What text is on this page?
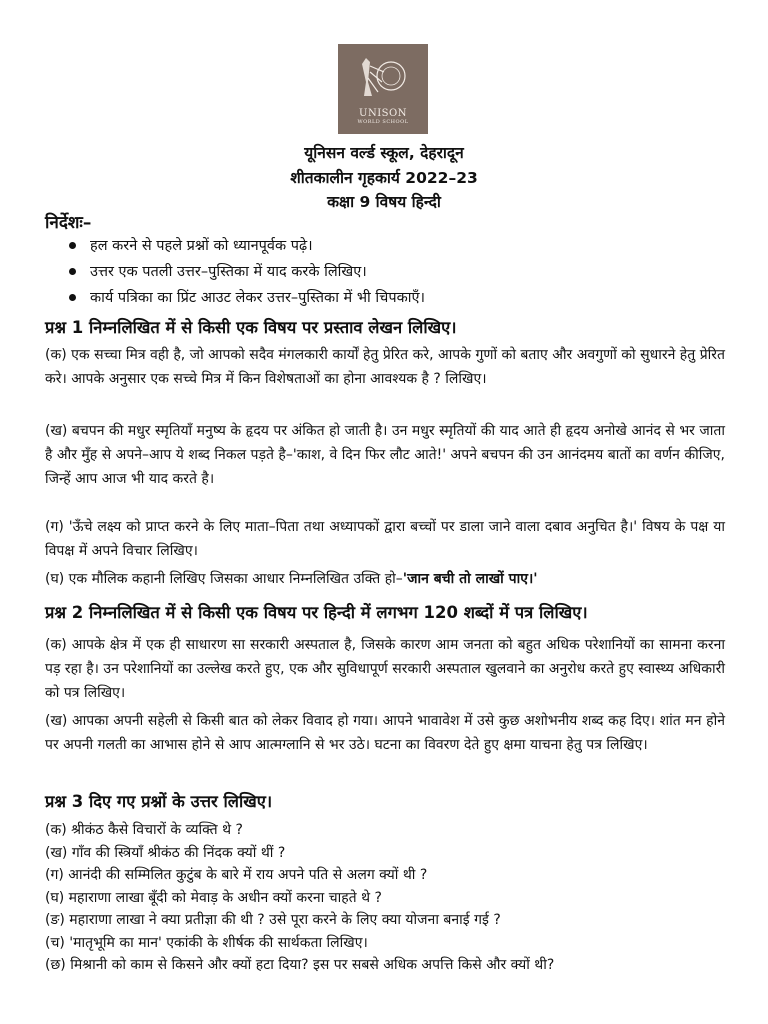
UNISON
WORLD SCHOOL
यूनिसन वर्ल्ड स्कूल, देहरादून
शीतकालीन गृहकार्य 2022–23
कक्षा 9 विषय हिन्दी
निर्देशः–
हल करने से पहले प्रश्नों को ध्यानपूर्वक पढ़े।
उत्तर एक पतली उत्तर–पुस्तिका में याद करके लिखिए।
कार्य पत्रिका का प्रिंट आउट लेकर उत्तर–पुस्तिका में भी चिपकाएँ।
प्रश्न 1 निम्नलिखित में से किसी एक विषय पर प्रस्ताव लेखन लिखिए।
(क) एक सच्चा मित्र वही है, जो आपको सदैव मंगलकारी कार्यों हेतु प्रेरित करे, आपके गुणों को बताए और अवगुणों को सुधारने हेतु प्रेरित करे। आपके अनुसार एक सच्चे मित्र में किन विशेषताओं का होना आवश्यक है ? लिखिए।
(ख) बचपन की मधुर स्मृतियाँ मनुष्य के हृदय पर अंकित हो जाती है। उन मधुर स्मृतियों की याद आते ही हृदय अनोखे आनंद से भर जाता है और मुँह से अपने–आप ये शब्द निकल पड़ते है–'काश, वे दिन फिर लौट आते!' अपने बचपन की उन आनंदमय बातों का वर्णन कीजिए, जिन्हें आप आज भी याद करते है।
(ग) 'ऊँचे लक्ष्य को प्राप्त करने के लिए माता–पिता तथा अध्यापकों द्वारा बच्चों पर डाला जाने वाला दबाव अनुचित है।' विषय के पक्ष या विपक्ष में अपने विचार लिखिए।
(घ) एक मौलिक कहानी लिखिए जिसका आधार निम्नलिखित उक्ति हो–'जान बची तो लाखों पाए।'
प्रश्न 2 निम्नलिखित में से किसी एक विषय पर हिन्दी में लगभग 120 शब्दों में पत्र लिखिए।
(क) आपके क्षेत्र में एक ही साधारण सा सरकारी अस्पताल है, जिसके कारण आम जनता को बहुत अधिक परेशानियों का सामना करना पड़ रहा है। उन परेशानियों का उल्लेख करते हुए, एक और सुविधापूर्ण सरकारी अस्पताल खुलवाने का अनुरोध करते हुए स्वास्थ्य अधिकारी को पत्र लिखिए।
(ख) आपका अपनी सहेली से किसी बात को लेकर विवाद हो गया। आपने भावावेश में उसे कुछ अशोभनीय शब्द कह दिए। शांत मन होने पर अपनी गलती का आभास होने से आप आत्मग्लानि से भर उठे। घटना का विवरण देते हुए क्षमा याचना हेतु पत्र लिखिए।
प्रश्न 3 दिए गए प्रश्नों के उत्तर लिखिए।
(क) श्रीकंठ कैसे विचारों के व्यक्ति थे ?
(ख) गाँव की स्त्रियाँ श्रीकंठ की निंदक क्यों थीं ?
(ग) आनंदी की सम्मिलित कुटुंब के बारे में राय अपने पति से अलग क्यों थी ?
(घ) महाराणा लाखा बूँदी को मेवाड़ के अधीन क्यों करना चाहते थे ?
(ङ) महाराणा लाखा ने क्या प्रतीज्ञा की थी ? उसे पूरा करने के लिए क्या योजना बनाई गई ?
(च) 'मातृभूमि का मान' एकांकी के शीर्षक की सार्थकता लिखिए।
(छ) मिश्रानी को काम से किसने और क्यों हटा दिया? इस पर सबसे अधिक अपत्ति किसे और क्यों थी?
